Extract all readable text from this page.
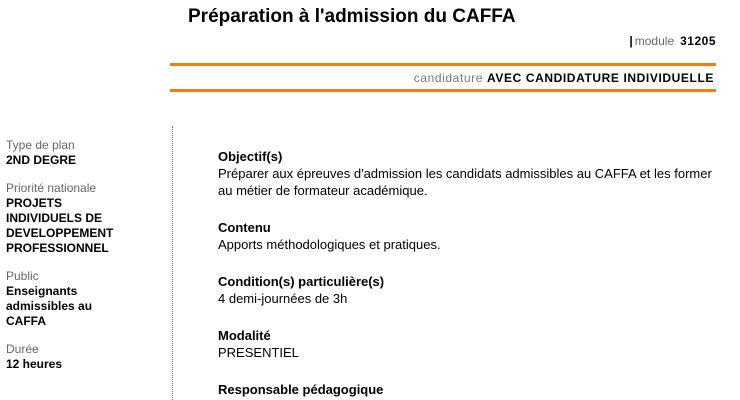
Préparation à l'admission du CAFFA
| module 31205
candidature AVEC CANDIDATURE INDIVIDUELLE
Type de plan
2ND DEGRE
Priorité nationale
PROJETS INDIVIDUELS DE DEVELOPPEMENT PROFESSIONNEL
Public
Enseignants admissibles au CAFFA
Durée
12 heures
Objectif(s)
Préparer aux épreuves d'admission les candidats admissibles au CAFFA et les former au métier de formateur académique.
Contenu
Apports méthodologiques et pratiques.
Condition(s) particulière(s)
4 demi-journées de 3h
Modalité
PRESENTIEL
Responsable pédagogique
